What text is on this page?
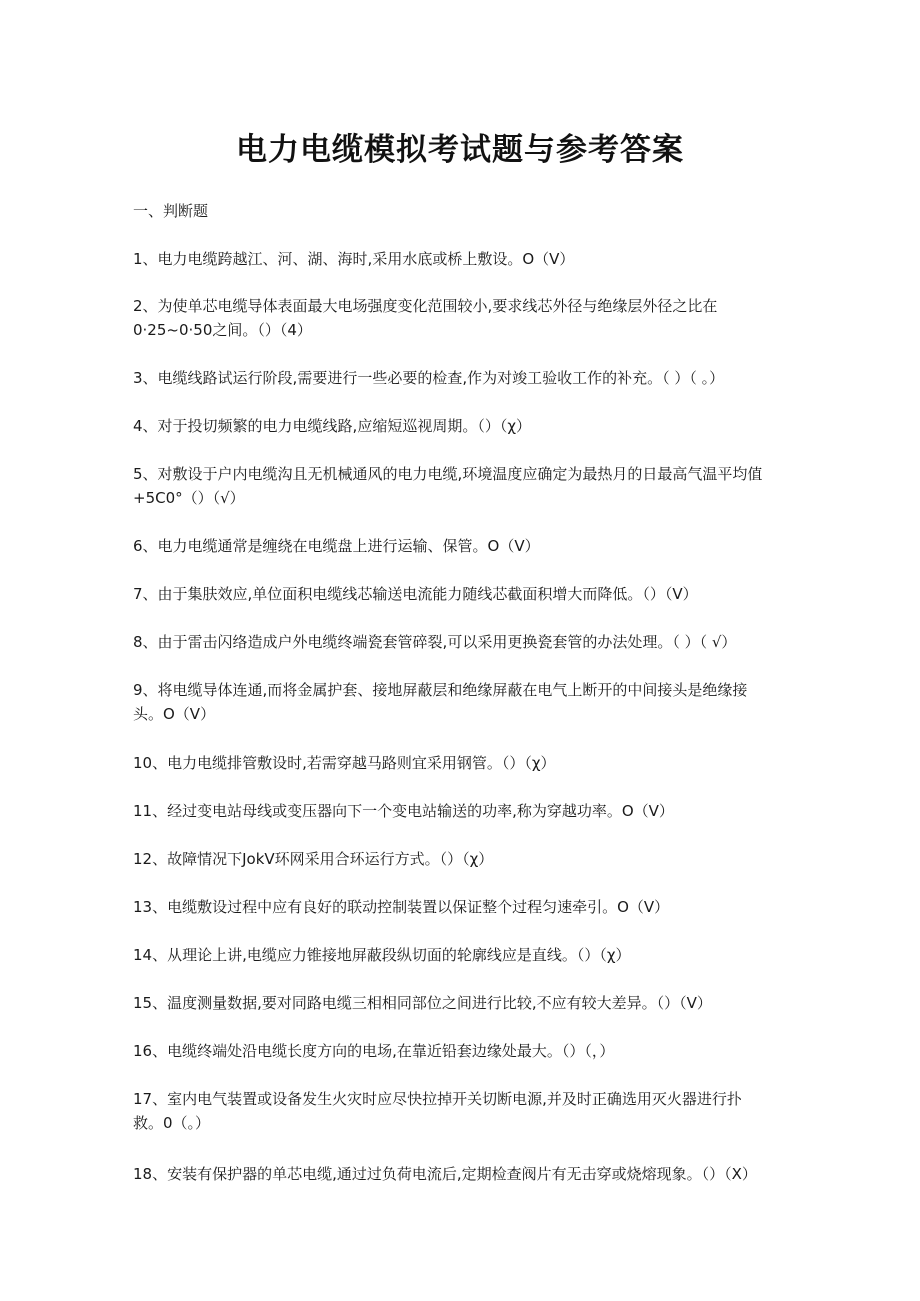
电力电缆模拟考试题与参考答案

一、判断题

1、电力电缆跨越江、河、湖、海时,采用水底或桥上敷设。O（V）

2、为使单芯电缆导体表面最大电场强度变化范围较小,要求线芯外径与绝缘层外径之比在
0·25~0·50之间。（）（4）

3、电缆线路试运行阶段,需要进行一些必要的检查,作为对竣工验收工作的补充。（ ）（ 。）

4、对于投切频繁的电力电缆线路,应缩短巡视周期。（）（χ）

5、对敷设于户内电缆沟且无机械通风的电力电缆,环境温度应确定为最热月的日最高气温平均值
+5C0°（）（√）

6、电力电缆通常是缠绕在电缆盘上进行运输、保管。O（V）

7、由于集肤效应,单位面积电缆线芯输送电流能力随线芯截面积增大而降低。（）（V）

8、由于雷击闪络造成户外电缆终端瓷套管碎裂,可以采用更换瓷套管的办法处理。（ ）（ √）

9、将电缆导体连通,而将金属护套、接地屏蔽层和绝缘屏蔽在电气上断开的中间接头是绝缘接
头。O（V）

10、电力电缆排管敷设时,若需穿越马路则宜采用钢管。（）（χ）

11、经过变电站母线或变压器向下一个变电站输送的功率,称为穿越功率。O（V）

12、故障情况下JokV环网采用合环运行方式。（）（χ）

13、电缆敷设过程中应有良好的联动控制装置以保证整个过程匀速牵引。O（V）

14、从理论上讲,电缆应力锥接地屏蔽段纵切面的轮廓线应是直线。（）（χ）

15、温度测量数据,要对同路电缆三相相同部位之间进行比较,不应有较大差异。（）（V）

16、电缆终端处沿电缆长度方向的电场,在靠近铅套边缘处最大。（）（，）

17、室内电气装置或设备发生火灾时应尽快拉掉开关切断电源,并及时正确选用灭火器进行扑
救。0（。）

18、安装有保护器的单芯电缆,通过过负荷电流后,定期检查阀片有无击穿或烧熔现象。（）（X）
